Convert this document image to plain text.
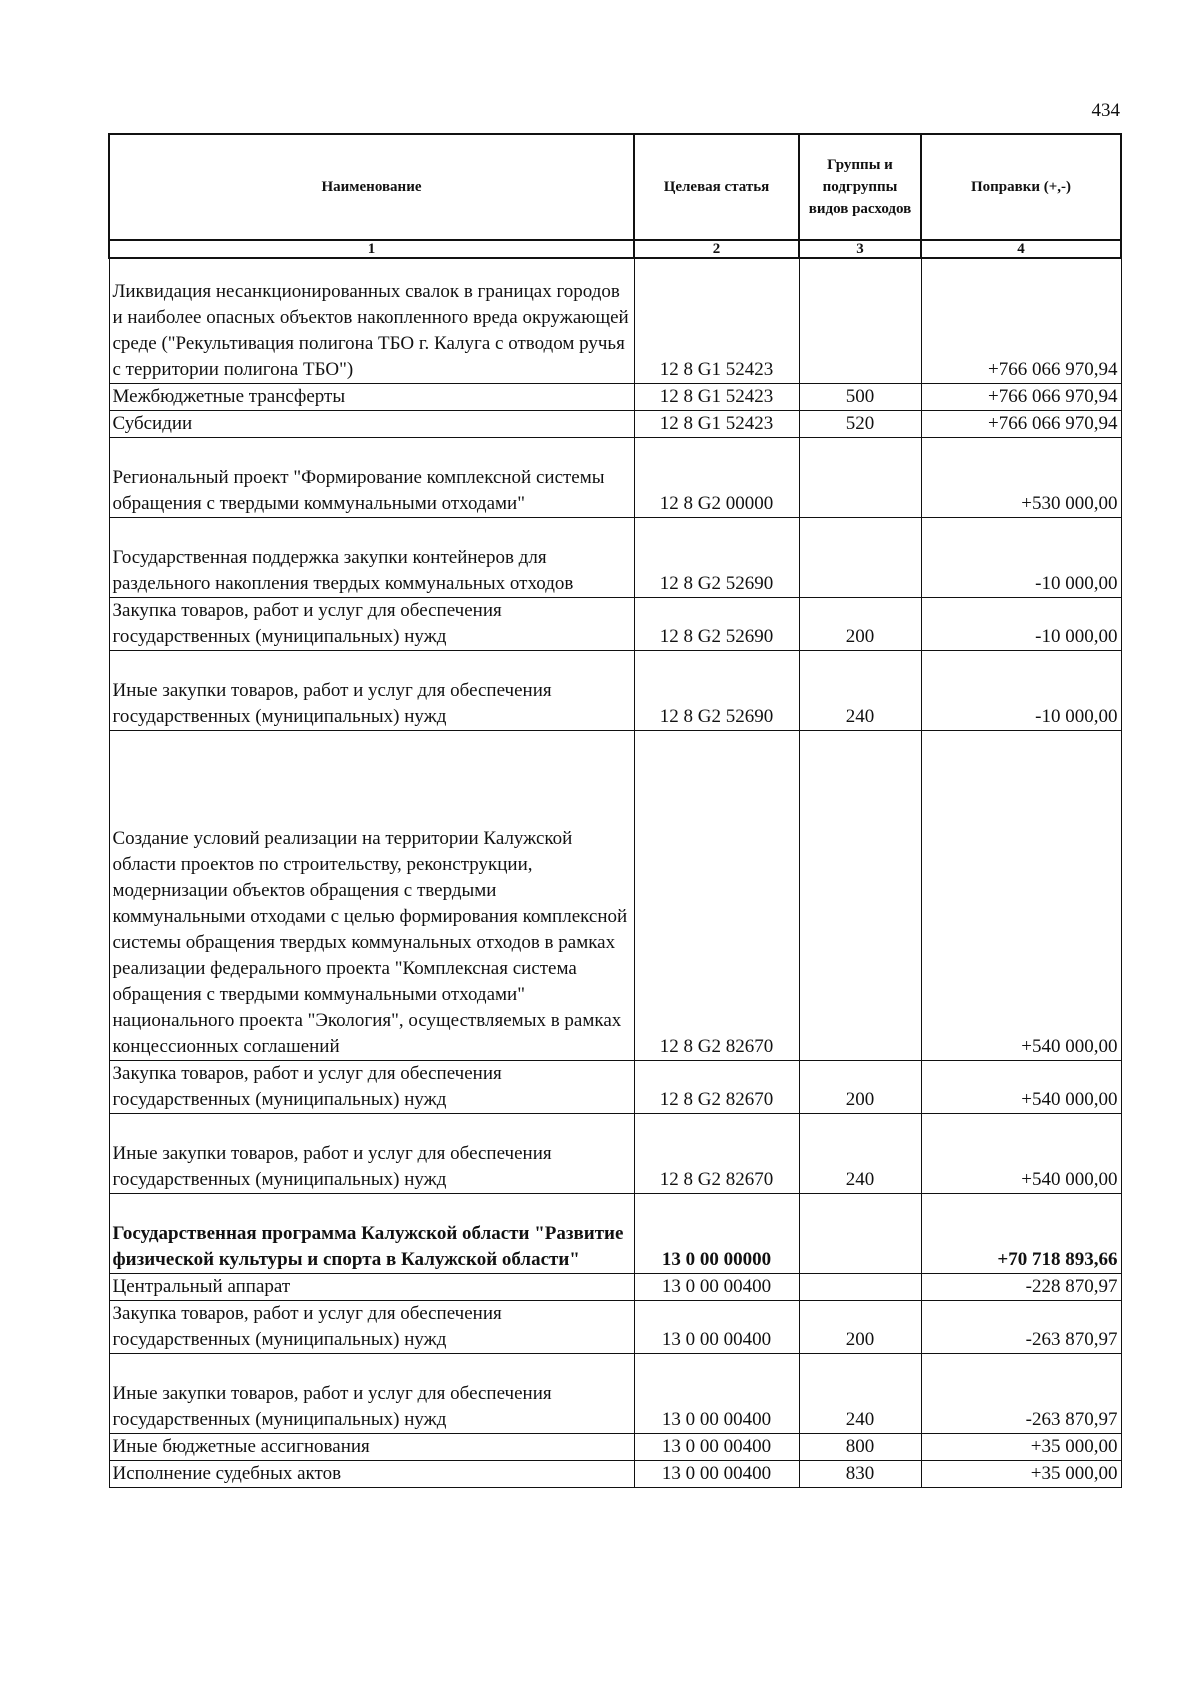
434
Наименование	Целевая статья	Группы и подгруппы видов расходов	Поправки (+,-)
1	2	3	4
Ликвидация несанкционированных свалок в границах городов и наиболее опасных объектов накопленного вреда окружающей среде ("Рекультивация полигона ТБО г. Калуга с отводом ручья с территории полигона ТБО")	12 8 G1 52423		+766 066 970,94
Межбюджетные трансферты	12 8 G1 52423	500	+766 066 970,94
Субсидии	12 8 G1 52423	520	+766 066 970,94
Региональный проект "Формирование комплексной системы обращения с твердыми коммунальными отходами"	12 8 G2 00000		+530 000,00
Государственная поддержка закупки контейнеров для раздельного накопления твердых коммунальных отходов	12 8 G2 52690		-10 000,00
Закупка товаров, работ и услуг для обеспечения государственных (муниципальных) нужд	12 8 G2 52690	200	-10 000,00
Иные закупки товаров, работ и услуг для обеспечения государственных (муниципальных) нужд	12 8 G2 52690	240	-10 000,00
Создание условий реализации на территории Калужской области проектов по строительству, реконструкции, модернизации объектов обращения с твердыми коммунальными отходами с целью формирования комплексной системы обращения твердых коммунальных отходов в рамках реализации федерального проекта "Комплексная система обращения с твердыми коммунальными отходами" национального проекта "Экология", осуществляемых в рамках концессионных соглашений	12 8 G2 82670		+540 000,00
Закупка товаров, работ и услуг для обеспечения государственных (муниципальных) нужд	12 8 G2 82670	200	+540 000,00
Иные закупки товаров, работ и услуг для обеспечения государственных (муниципальных) нужд	12 8 G2 82670	240	+540 000,00
Государственная программа Калужской области "Развитие физической культуры и спорта в Калужской области"	13 0 00 00000		+70 718 893,66
Центральный аппарат	13 0 00 00400		-228 870,97
Закупка товаров, работ и услуг для обеспечения государственных (муниципальных) нужд	13 0 00 00400	200	-263 870,97
Иные закупки товаров, работ и услуг для обеспечения государственных (муниципальных) нужд	13 0 00 00400	240	-263 870,97
Иные бюджетные ассигнования	13 0 00 00400	800	+35 000,00
Исполнение судебных актов	13 0 00 00400	830	+35 000,00
